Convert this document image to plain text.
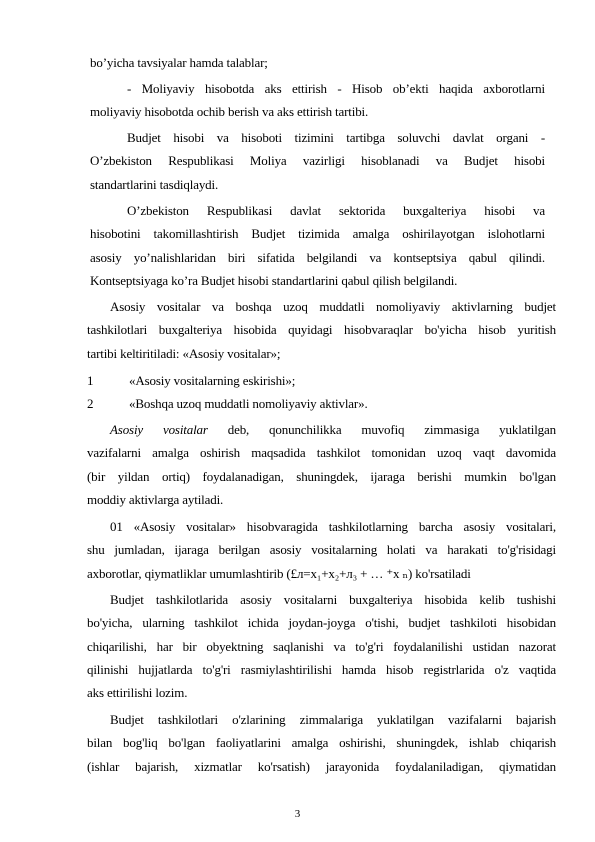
bo’yicha tavsiyalar hamda talablar;
- Moliyaviy hisobotda aks ettirish - Hisob ob’ekti haqida axborotlarni
moliyaviy hisobotda ochib berish va aks ettirish tartibi.
Budjet hisobi va hisoboti tizimini tartibga soluvchi davlat organi -
O’zbekiston Respublikasi Moliya vazirligi hisoblanadi va Budjet hisobi
standartlarini tasdiqlaydi.
O’zbekiston Respublikasi davlat sektorida buxgalteriya hisobi va
hisobotini takomillashtirish Budjet tizimida amalga oshirilayotgan islohotlarni
asosiy yo’nalishlaridan biri sifatida belgilandi va kontseptsiya qabul qilindi.
Kontseptsiyaga ko’ra Budjet hisobi standartlarini qabul qilish belgilandi.
Asosiy vositalar va boshqa uzoq muddatli nomoliyaviy aktivlarning budjet
tashkilotlari buxgalteriya hisobida quyidagi hisobvaraqlar bo'yicha hisob yuritish
tartibi keltiritiladi: «Asosiy vositalar»;
1	«Asosiy vositalarning eskirishi»;
2	«Boshqa uzoq muddatli nomoliyaviy aktivlar».
Asosiy vositalar deb, qonunchilikka muvofiq zimmasiga yuklatilgan
vazifalarni amalga oshirish maqsadida tashkilot tomonidan uzoq vaqt davomida
(bir yildan ortiq) foydalanadigan, shuningdek, ijaraga berishi mumkin bo'lgan
moddiy aktivlarga aytiladi.
01 «Asosiy vositalar» hisobvaragida tashkilotlarning barcha asosiy vositalari,
shu jumladan, ijaraga berilgan asosiy vositalarning holati va harakati to'g'risidagi
axborotlar, qiymatliklar umumlashtirib (£л=x₁+x₂+л₃ + … ⁺x ₙ) ko'rsatiladi
Budjet tashkilotlarida asosiy vositalarni buxgalteriya hisobida kelib tushishi
bo'yicha, ularning tashkilot ichida joydan-joyga o'tishi, budjet tashkiloti hisobidan
chiqarilishi, har bir obyektning saqlanishi va to'g'ri foydalanilishi ustidan nazorat
qilinishi hujjatlarda to'g'ri rasmiylashtirilishi hamda hisob registrlarida o'z vaqtida
aks ettirilishi lozim.
Budjet tashkilotlari o'zlarining zimmalariga yuklatilgan vazifalarni bajarish
bilan bog'liq bo'lgan faoliyatlarini amalga oshirishi, shuningdek, ishlab chiqarish
(ishlar bajarish, xizmatlar ko'rsatish) jarayonida foydalaniladigan, qiymatidan
3
